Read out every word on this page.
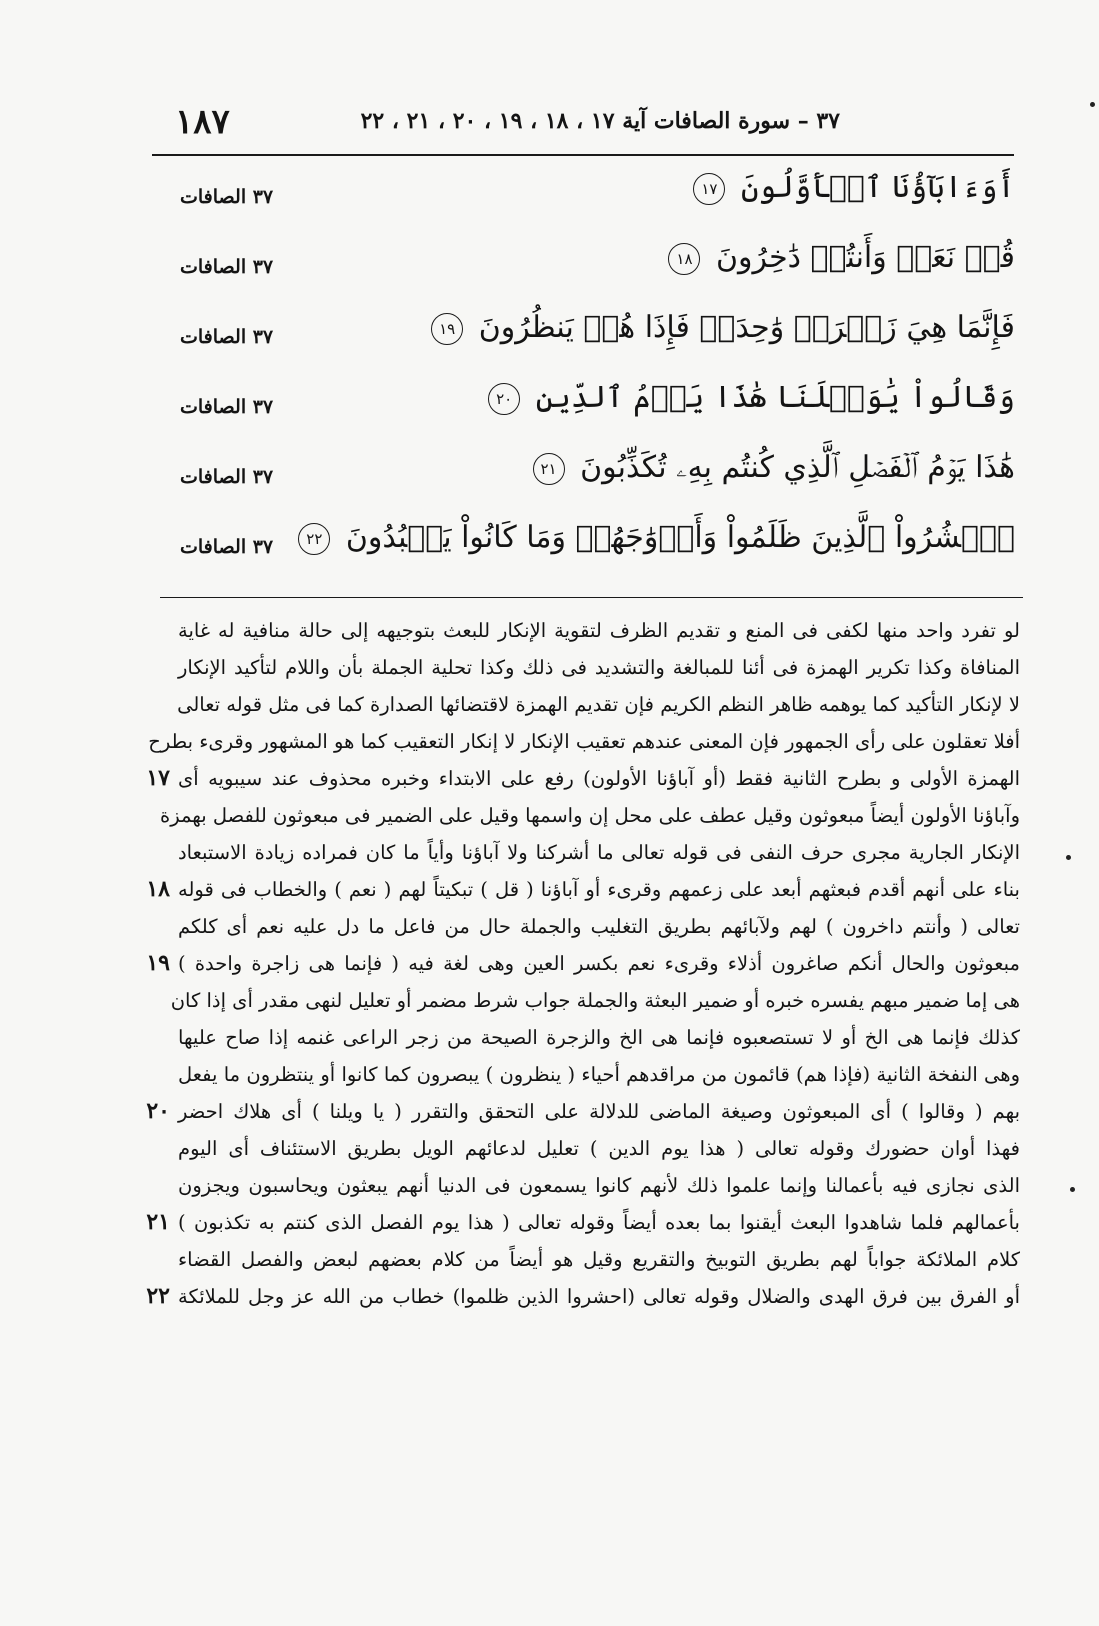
٣٧ – سورة الصافات آية ١٧ ، ١٨ ، ١٩ ، ٢٠ ، ٢١ ، ٢٢
١٨٧
أَوَءَابَآؤُنَا ٱلۡأَوَّلُونَ ١٧
٣٧ الصافات
قُلۡ نَعَمۡ وَأَنتُمۡ دَٰخِرُونَ ١٨
٣٧ الصافات
فَإِنَّمَا هِيَ زَجۡرَةٞ وَٰحِدَةٞ فَإِذَا هُمۡ يَنظُرُونَ ١٩
٣٧ الصافات
وَقَالُواْ يَٰوَيۡلَنَا هَٰذَا يَوۡمُ ٱلدِّينِ ٢٠
٣٧ الصافات
هَٰذَا يَوۡمُ ٱلۡفَصۡلِ ٱلَّذِي كُنتُم بِهِۦ تُكَذِّبُونَ ٢١
٣٧ الصافات
ٱحۡشُرُواْ ٱلَّذِينَ ظَلَمُواْ وَأَزۡوَٰجَهُمۡ وَمَا كَانُواْ يَعۡبُدُونَ ٢٢
٣٧ الصافات
لو تفرد واحد منها لكفى فى المنع و تقديم الظرف لتقوية الإنكار للبعث بتوجيهه إلى حالة منافية له غاية
المنافاة وكذا تكرير الهمزة فى أئنا للمبالغة والتشديد فى ذلك وكذا تحلية الجملة بأن واللام لتأكيد الإنكار
لا لإنكار التأكيد كما يوهمه ظاهر النظم الكريم فإن تقديم الهمزة لاقتضائها الصدارة كما فى مثل قوله تعالى
أفلا تعقلون على رأى الجمهور فإن المعنى عندهم تعقيب الإنكار لا إنكار التعقيب كما هو المشهور وقرىء بطرح
الهمزة الأولى و بطرح الثانية فقط (أو آباؤنا الأولون) رفع على الابتداء وخبره محذوف عند سيبويه أى
١٧
وآباؤنا الأولون أيضاً مبعوثون وقيل عطف على محل إن واسمها وقيل على الضمير فى مبعوثون للفصل بهمزة
الإنكار الجارية مجرى حرف النفى فى قوله تعالى ما أشركنا ولا آباؤنا وأياً ما كان فمراده زيادة الاستبعاد
بناء على أنهم أقدم فبعثهم أبعد على زعمهم وقرىء أو آباؤنا ( قل ) تبكيتاً لهم ( نعم ) والخطاب فى قوله
١٨
تعالى ( وأنتم داخرون ) لهم ولآبائهم بطريق التغليب والجملة حال من فاعل ما دل عليه نعم أى كلكم
مبعوثون والحال أنكم صاغرون أذلاء وقرىء نعم بكسر العين وهى لغة فيه ( فإنما هى زاجرة واحدة )
١٩
هى إما ضمير مبهم يفسره خبره أو ضمير البعثة والجملة جواب شرط مضمر أو تعليل لنهى مقدر أى إذا كان
كذلك فإنما هى الخ أو لا تستصعبوه فإنما هى الخ والزجرة الصيحة من زجر الراعى غنمه إذا صاح عليها
وهى النفخة الثانية (فإذا هم) قائمون من مراقدهم أحياء ( ينظرون ) يبصرون كما كانوا أو ينتظرون ما يفعل
بهم ( وقالوا ) أى المبعوثون وصيغة الماضى للدلالة على التحقق والتقرر ( يا ويلنا ) أى هلاك احضر
٢٠
فهذا أوان حضورك وقوله تعالى ( هذا يوم الدين ) تعليل لدعائهم الويل بطريق الاستئناف أى اليوم
الذى نجازى فيه بأعمالنا وإنما علموا ذلك لأنهم كانوا يسمعون فى الدنيا أنهم يبعثون ويحاسبون ويجزون
بأعمالهم فلما شاهدوا البعث أيقنوا بما بعده أيضاً وقوله تعالى ( هذا يوم الفصل الذى كنتم به تكذبون )
٢١
كلام الملائكة جواباً لهم بطريق التوبيخ والتقريع وقيل هو أيضاً من كلام بعضهم لبعض والفصل القضاء
أو الفرق بين فرق الهدى والضلال وقوله تعالى (احشروا الذين ظلموا) خطاب من الله عز وجل للملائكة
٢٢
